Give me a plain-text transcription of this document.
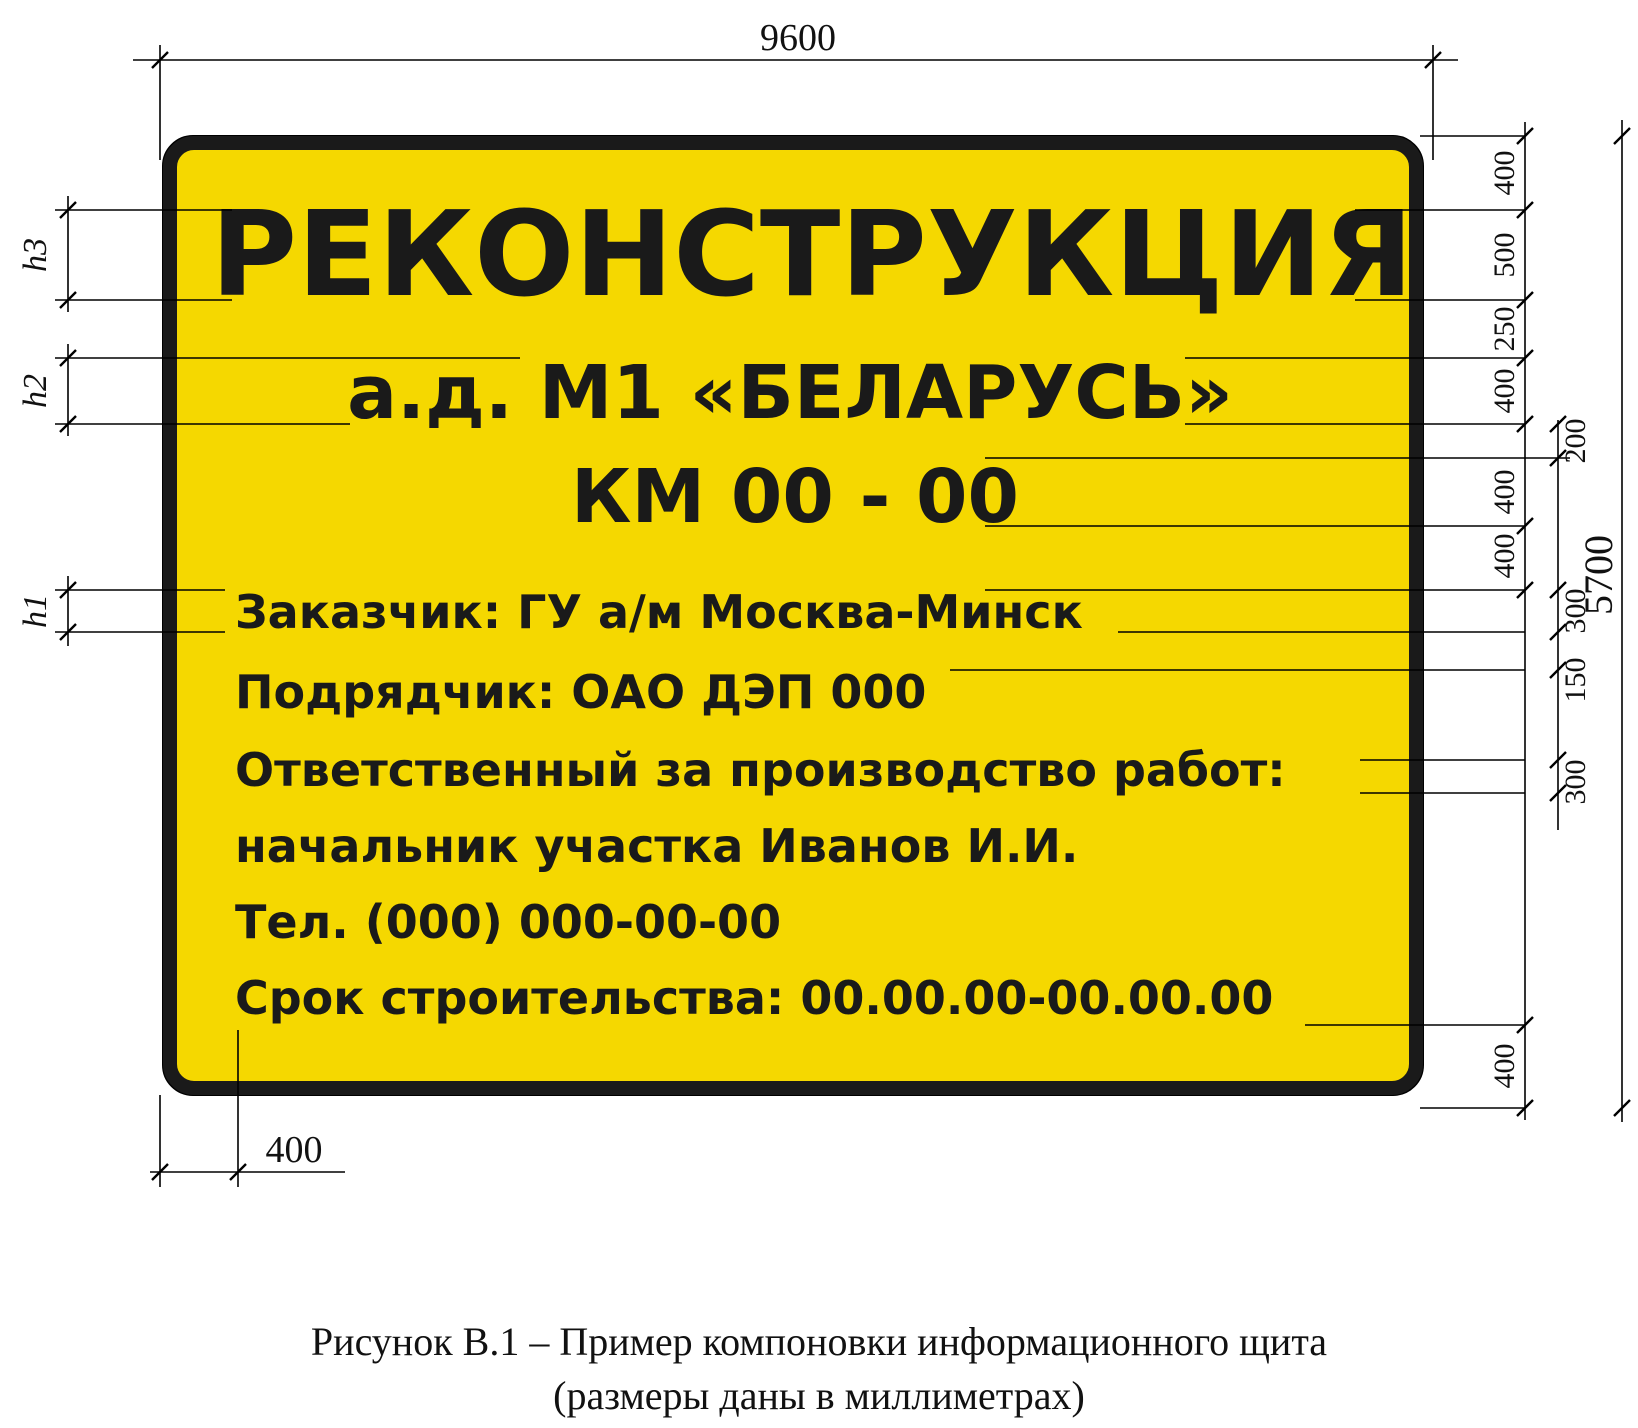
РЕКОНСТРУКЦИЯ
а.д. М1 «БЕЛАРУСЬ»
КМ 00 - 00
Заказчик: ГУ а/м Москва-Минск
Подрядчик: ОАО ДЭП 000
Ответственный за производство работ:
начальник участка Иванов И.И.
Тел. (000) 000-00-00
Срок строительства: 00.00.00-00.00.00
9600
400
h3
h2
h1
400
500
250
400
400
400
400
200
300
150
300
5700
Рисунок В.1 – Пример компоновки информационного щита
(размеры даны в миллиметрах)
